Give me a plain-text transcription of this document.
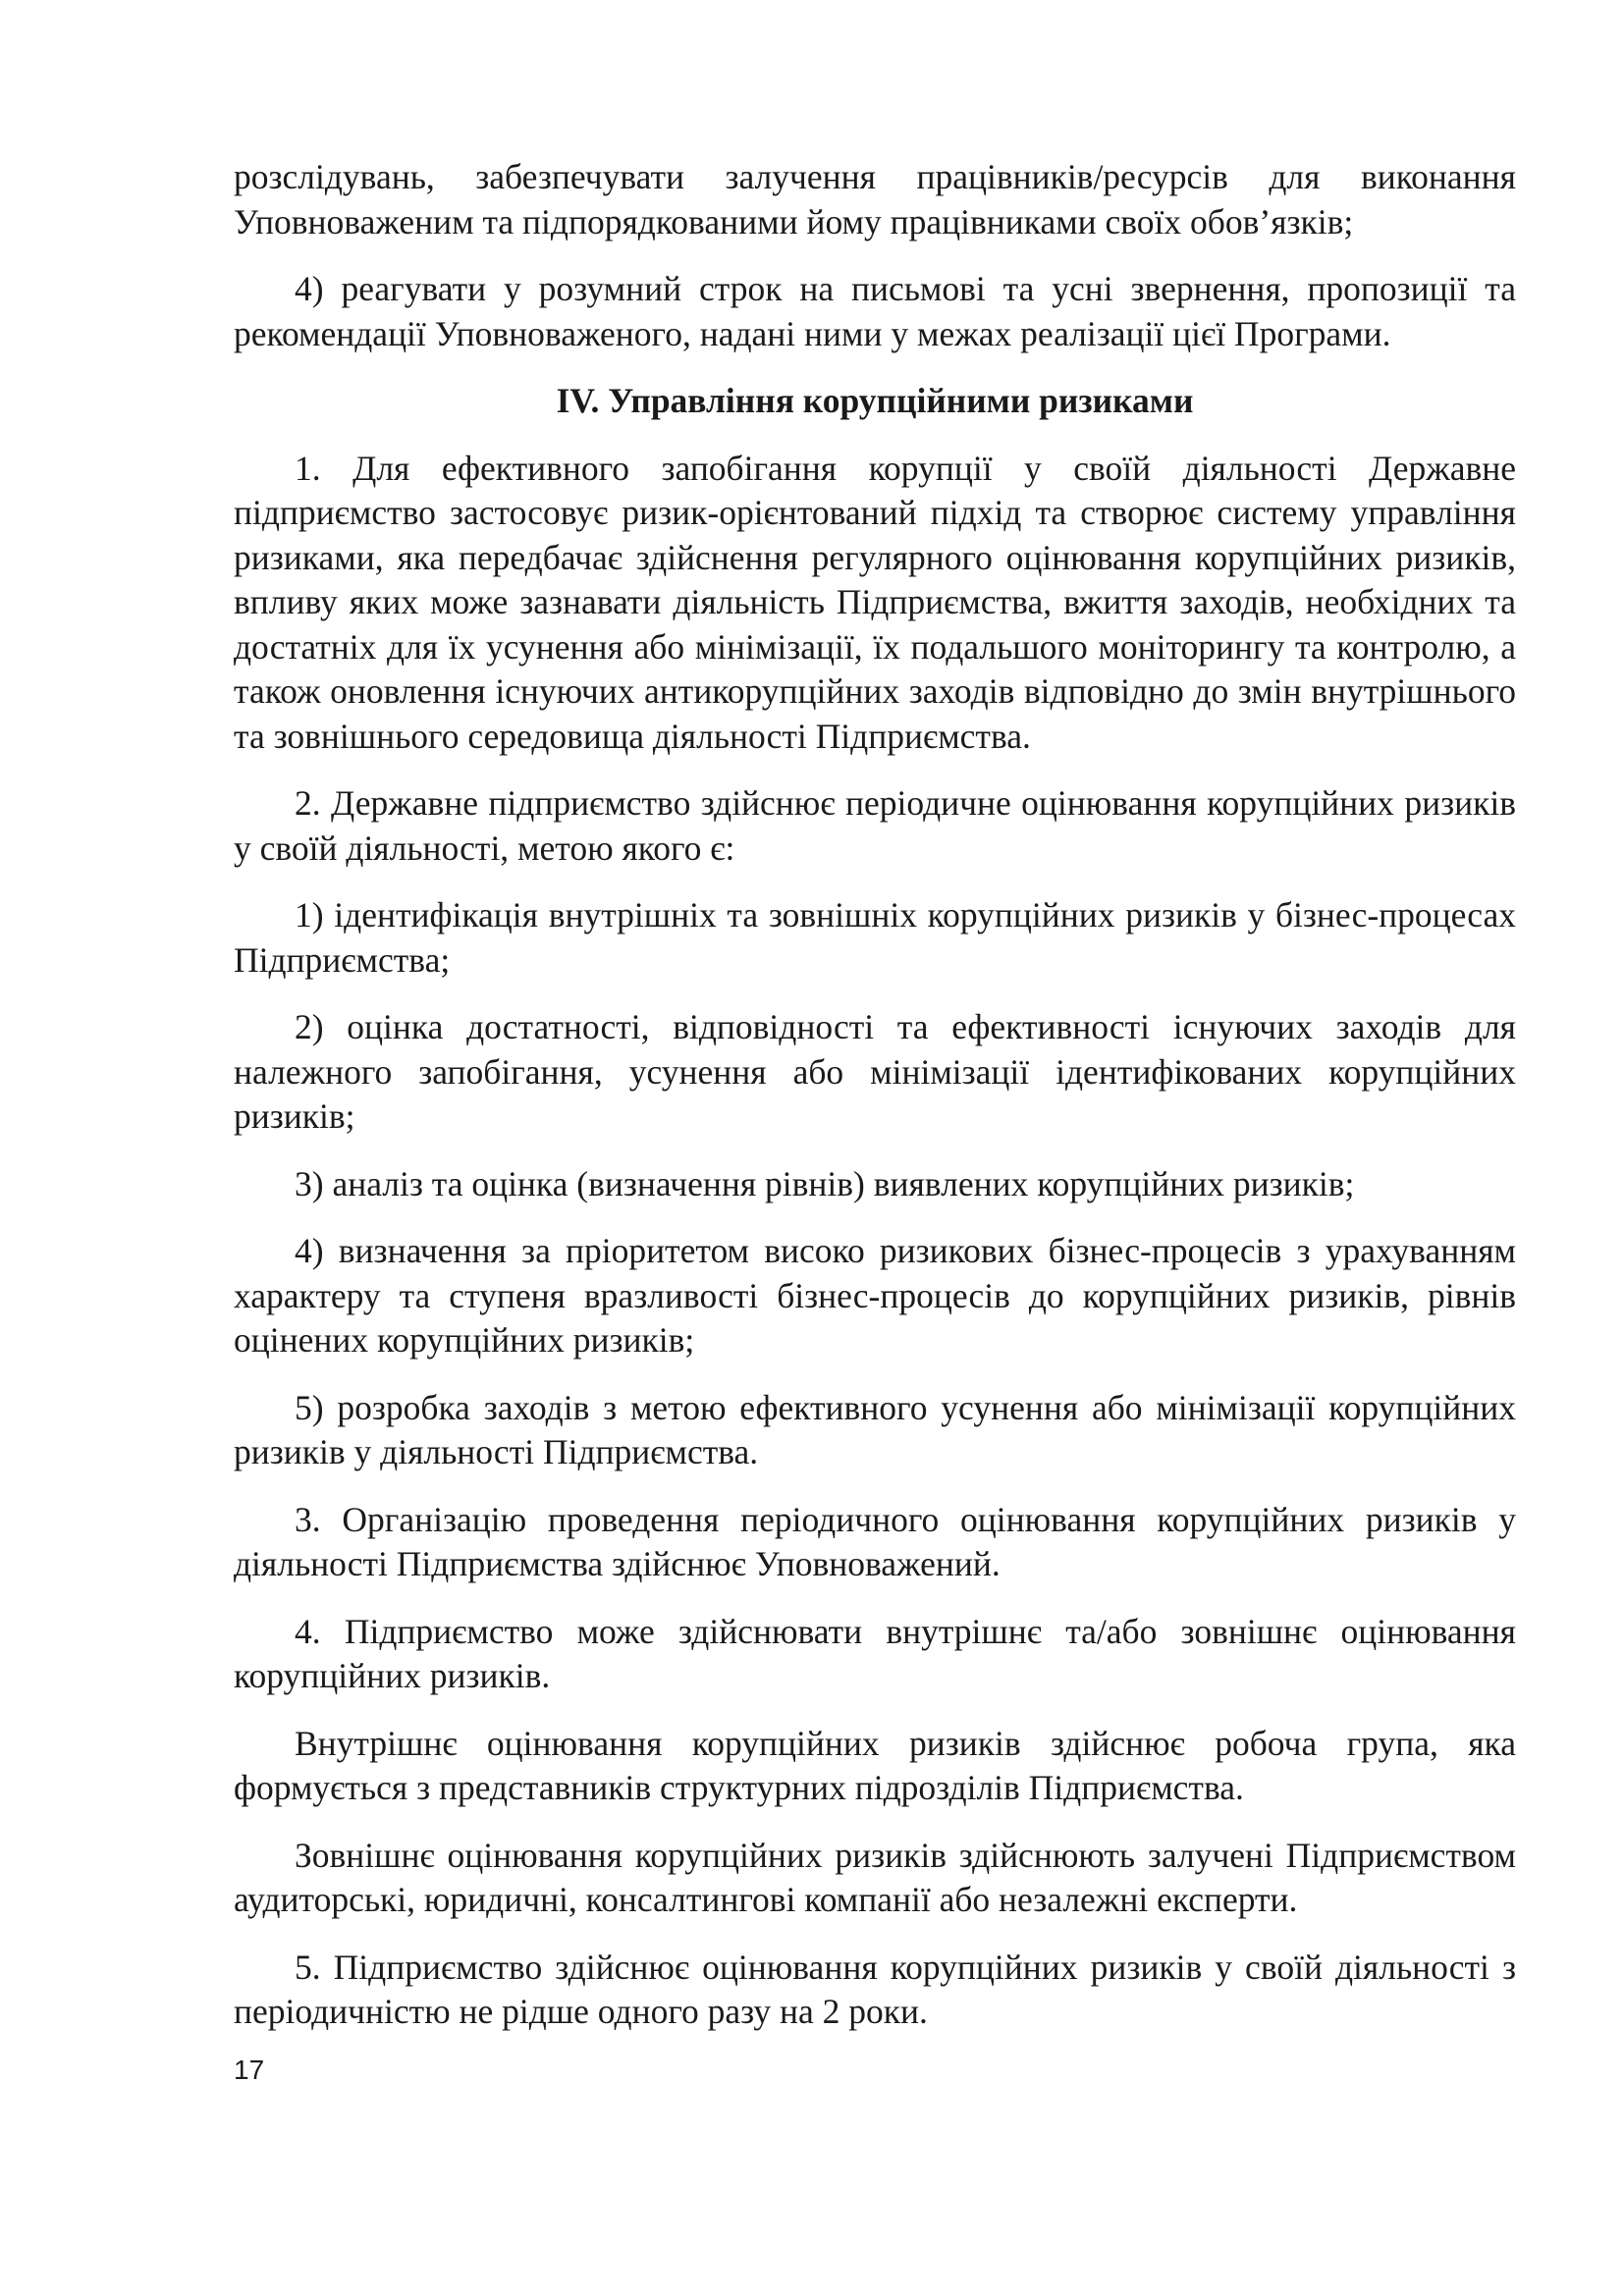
розслідувань, забезпечувати залучення працівників/ресурсів для виконання Уповноваженим та підпорядкованими йому працівниками своїх обов’язків;

4) реагувати у розумний строк на письмові та усні звернення, пропозиції та рекомендації Уповноваженого, надані ними у межах реалізації цієї Програми.

IV. Управління корупційними ризиками

1. Для ефективного запобігання корупції у своїй діяльності Державне підприємство застосовує ризик-орієнтований підхід та створює систему управління ризиками, яка передбачає здійснення регулярного оцінювання корупційних ризиків, впливу яких може зазнавати діяльність Підприємства, вжиття заходів, необхідних та достатніх для їх усунення або мінімізації, їх подальшого моніторингу та контролю, а також оновлення існуючих антикорупційних заходів відповідно до змін внутрішнього та зовнішнього середовища діяльності Підприємства.

2. Державне підприємство здійснює періодичне оцінювання корупційних ризиків у своїй діяльності, метою якого є:

1) ідентифікація внутрішніх та зовнішніх корупційних ризиків у бізнес-процесах Підприємства;

2) оцінка достатності, відповідності та ефективності існуючих заходів для належного запобігання, усунення або мінімізації ідентифікованих корупційних ризиків;

3) аналіз та оцінка (визначення рівнів) виявлених корупційних ризиків;

4) визначення за пріоритетом високо ризикових бізнес-процесів з урахуванням характеру та ступеня вразливості бізнес-процесів до корупційних ризиків, рівнів оцінених корупційних ризиків;

5) розробка заходів з метою ефективного усунення або мінімізації корупційних ризиків у діяльності Підприємства.

3. Організацію проведення періодичного оцінювання корупційних ризиків у діяльності Підприємства здійснює Уповноважений.

4. Підприємство може здійснювати внутрішнє та/або зовнішнє оцінювання корупційних ризиків.

Внутрішнє оцінювання корупційних ризиків здійснює робоча група, яка формується з представників структурних підрозділів Підприємства.

Зовнішнє оцінювання корупційних ризиків здійснюють залучені Підприємством аудиторські, юридичні, консалтингові компанії або незалежні експерти.

5. Підприємство здійснює оцінювання корупційних ризиків у своїй діяльності з періодичністю не рідше одного разу на 2 роки.

17
